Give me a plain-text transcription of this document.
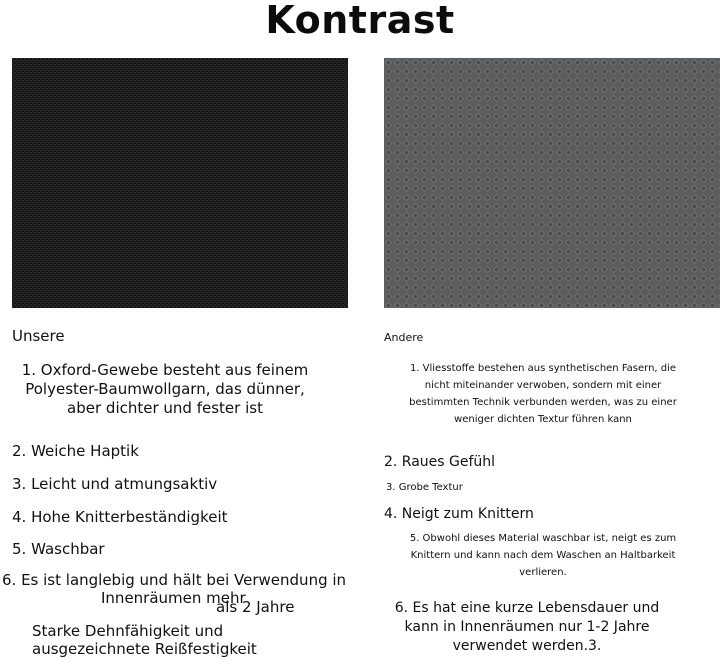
Kontrast
Unsere
1. Oxford-Gewebe besteht aus feinem
Polyester-Baumwollgarn, das dünner,
aber dichter und fester ist
2. Weiche Haptik
3. Leicht und atmungsaktiv
4. Hohe Knitterbeständigkeit
5. Waschbar
6. Es ist langlebig und hält bei Verwendung in
Innenräumen mehr
als 2 Jahre
Starke Dehnfähigkeit und
ausgezeichnete Reißfestigkeit
Andere
1. Vliesstoffe bestehen aus synthetischen Fasern, die
nicht miteinander verwoben, sondern mit einer
bestimmten Technik verbunden werden, was zu einer
weniger dichten Textur führen kann
2. Raues Gefühl
3. Grobe Textur
4. Neigt zum Knittern
5. Obwohl dieses Material waschbar ist, neigt es zum
Knittern und kann nach dem Waschen an Haltbarkeit
verlieren.
6. Es hat eine kurze Lebensdauer und
kann in Innenräumen nur 1-2 Jahre
verwendet werden.3.
